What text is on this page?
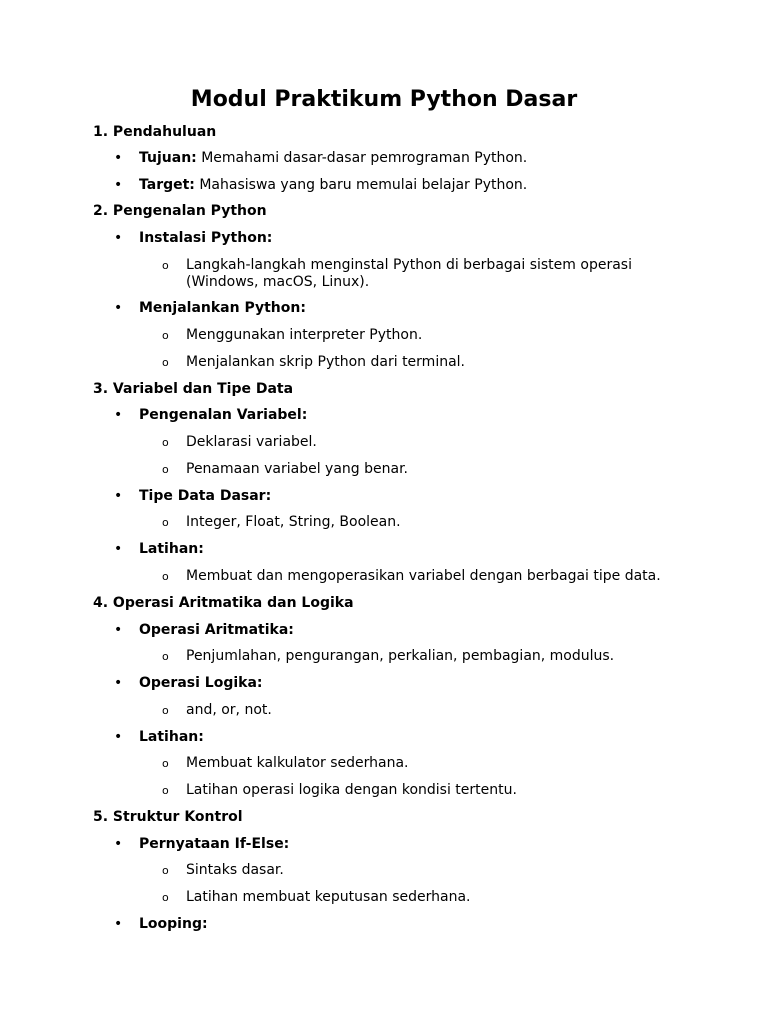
Modul Praktikum Python Dasar
1. Pendahuluan
• Tujuan: Memahami dasar-dasar pemrograman Python.
• Target: Mahasiswa yang baru memulai belajar Python.
2. Pengenalan Python
• Instalasi Python:
o Langkah-langkah menginstal Python di berbagai sistem operasi (Windows, macOS, Linux).
• Menjalankan Python:
o Menggunakan interpreter Python.
o Menjalankan skrip Python dari terminal.
3. Variabel dan Tipe Data
• Pengenalan Variabel:
o Deklarasi variabel.
o Penamaan variabel yang benar.
• Tipe Data Dasar:
o Integer, Float, String, Boolean.
• Latihan:
o Membuat dan mengoperasikan variabel dengan berbagai tipe data.
4. Operasi Aritmatika dan Logika
• Operasi Aritmatika:
o Penjumlahan, pengurangan, perkalian, pembagian, modulus.
• Operasi Logika:
o and, or, not.
• Latihan:
o Membuat kalkulator sederhana.
o Latihan operasi logika dengan kondisi tertentu.
5. Struktur Kontrol
• Pernyataan If-Else:
o Sintaks dasar.
o Latihan membuat keputusan sederhana.
• Looping:
